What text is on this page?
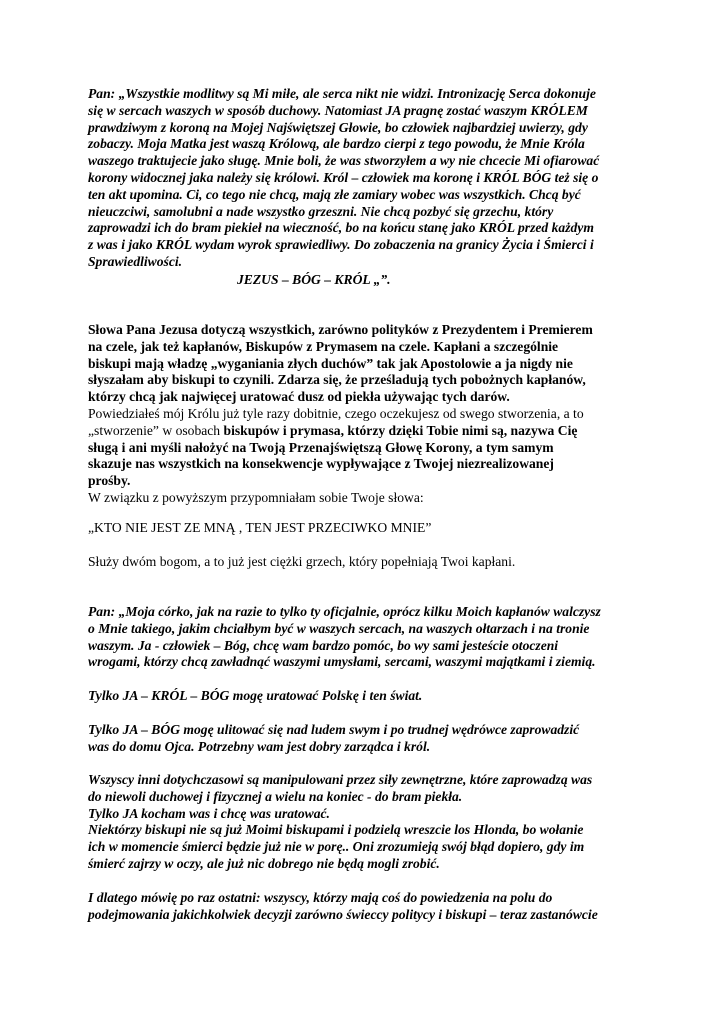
Pan: „Wszystkie modlitwy są Mi miłe, ale serca nikt nie widzi. Intronizację Serca dokonuje
się w sercach waszych w sposób duchowy. Natomiast JA pragnę zostać waszym KRÓLEM
prawdziwym z koroną na Mojej Najświętszej Głowie, bo człowiek najbardziej uwierzy, gdy
zobaczy. Moja Matka jest waszą Królową, ale bardzo cierpi z tego powodu, że Mnie Króla
waszego traktujecie jako sługę. Mnie boli, że was stworzyłem a wy nie chcecie Mi ofiarować
korony widocznej jaka należy się królowi. Król – człowiek ma koronę i KRÓL BÓG też się o
ten akt upomina. Ci, co tego nie chcą, mają złe zamiary wobec was wszystkich. Chcą być
nieuczciwi, samolubni a nade wszystko grzeszni. Nie chcą pozbyć się grzechu, który
zaprowadzi ich do bram piekieł na wieczność, bo na końcu stanę jako KRÓL przed każdym
z was i jako KRÓL wydam wyrok sprawiedliwy. Do zobaczenia na granicy Życia i Śmierci i
Sprawiedliwości.
JEZUS – BÓG – KRÓL „”.
Słowa Pana Jezusa dotyczą wszystkich, zarówno polityków z Prezydentem i Premierem
na czele, jak też kapłanów, Biskupów z Prymasem na czele. Kapłani a szczególnie
biskupi mają władzę „wyganiania złych duchów” tak jak Apostolowie a ja nigdy nie
słyszałam aby biskupi to czynili. Zdarza się, że prześladują tych pobożnych kapłanów,
którzy chcą jak najwięcej uratować dusz od piekła używając tych darów.
Powiedziałeś mój Królu już tyle razy dobitnie, czego oczekujesz od swego stworzenia, a to
„stworzenie” w osobach biskupów i prymasa, którzy dzięki Tobie nimi są, nazywa Cię
sługą i ani myśli nałożyć na Twoją Przenajświętszą Głowę Korony, a tym samym
skazuje nas wszystkich na konsekwencje wypływające z Twojej niezrealizowanej
prośby.
W związku z powyższym przypomniałam sobie Twoje słowa:
„KTO NIE JEST ZE MNĄ , TEN JEST PRZECIWKO MNIE”
Służy dwóm bogom, a to już jest ciężki grzech, który popełniają Twoi kapłani.
Pan: „Moja córko, jak na razie to tylko ty oficjalnie, oprócz kilku Moich kapłanów walczysz
o Mnie takiego, jakim chciałbym być w waszych sercach, na waszych ołtarzach i na tronie
waszym. Ja - człowiek – Bóg, chcę wam bardzo pomóc, bo wy sami jesteście otoczeni
wrogami, którzy chcą zawładnąć waszymi umysłami, sercami, waszymi majątkami i ziemią.
Tylko JA – KRÓL – BÓG mogę uratować Polskę i ten świat.
Tylko JA – BÓG mogę ulitować się nad ludem swym i po trudnej wędrówce zaprowadzić
was do domu Ojca. Potrzebny wam jest dobry zarządca i król.
Wszyscy inni dotychczasowi są manipulowani przez siły zewnętrzne, które zaprowadzą was
do niewoli duchowej i fizycznej a wielu na koniec - do bram piekła.
Tylko JA kocham was i chcę was uratować.
Niektórzy biskupi nie są już Moimi biskupami i podzielą wreszcie los Hlonda, bo wołanie
ich w momencie śmierci będzie już nie w porę.. Oni zrozumieją swój błąd dopiero, gdy im
śmierć zajrzy w oczy, ale już nic dobrego nie będą mogli zrobić.
I dlatego mówię po raz ostatni: wszyscy, którzy mają coś do powiedzenia na polu do
podejmowania jakichkolwiek decyzji zarówno świeccy politycy i biskupi – teraz zastanówcie
